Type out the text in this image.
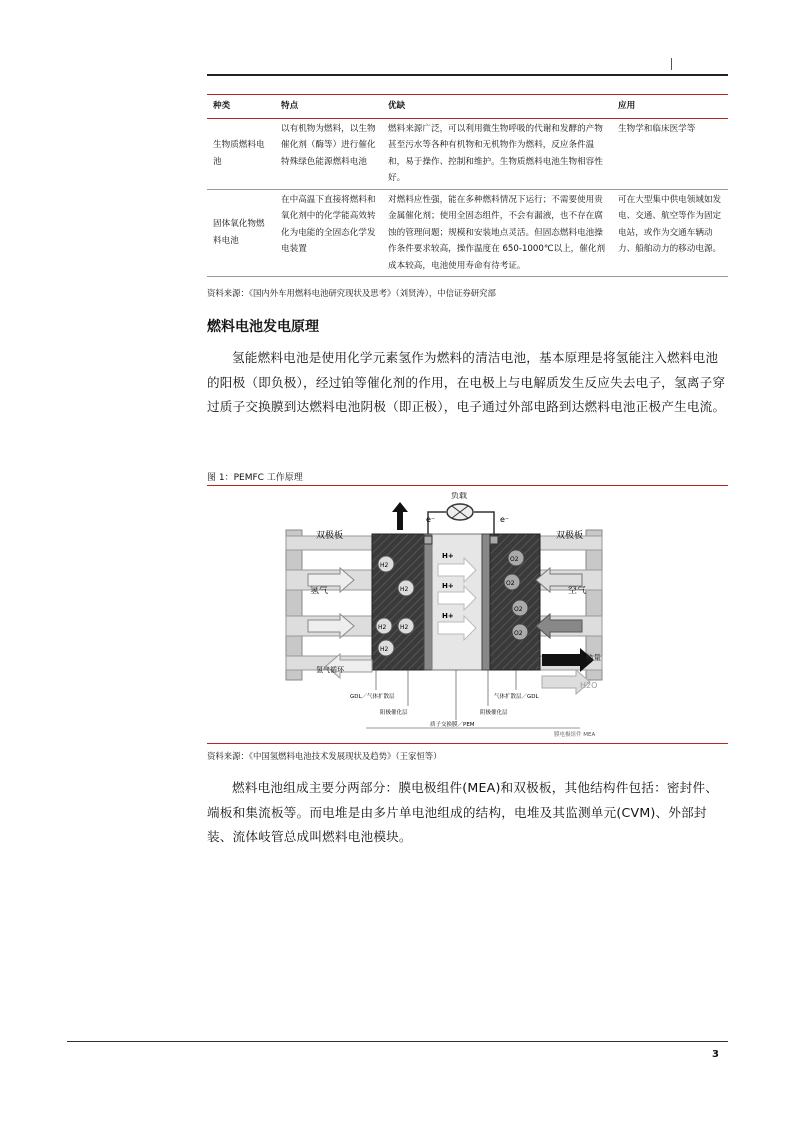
种类	特点	优缺	应用
生物质燃料电池	以有机物为燃料，以生物催化剂（酶等）进行催化特殊绿色能源燃料电池	燃料来源广泛，可以利用微生物呼吸的代谢和发酵的产物甚至污水等各种有机物和无机物作为燃料，反应条件温和，易于操作、控制和维护。生物质燃料电池生物相容性好。	生物学和临床医学等
固体氧化物燃料电池	在中高温下直接将燃料和氧化剂中的化学能高效转化为电能的全固态化学发电装置	对燃料应性强，能在多种燃料情况下运行；不需要使用贵金属催化剂；使用全固态组件，不会有漏液，也不存在腐蚀的管理问题；规模和安装地点灵活。但固态燃料电池操作条件要求较高，操作温度在 650-1000℃以上，催化剂成本较高，电池使用寿命有待考证。	可在大型集中供电领域如发电、交通、航空等作为固定电站，或作为交通车辆动力、船舶动力的移动电源。
资料来源：《国内外车用燃料电池研究现状及思考》（刘贤涛），中信证券研究部
燃料电池发电原理

氢能燃料电池是使用化学元素氢作为燃料的清洁电池，基本原理是将氢能注入燃料电池的阳极（即负极），经过铂等催化剂的作用，在电极上与电解质发生反应失去电子，氢离子穿过质子交换膜到达燃料电池阴极（即正极），电子通过外部电路到达燃料电池正极产生电流。

图 1：PEMFC 工作原理
负载
e⁻	e⁻
双极板	双极板
氢气	空气
热量
H2O
氢气循环
H2
H2
H2
H2
H2
O2
O2
O2
O2
H+
H+
H+
GDL／气体扩散层
阳极催化层	阴极催化层
气体扩散层／GDL
质子交换膜／PEM
膜电极组件 MEA
资料来源：《中国氢燃料电池技术发展现状及趋势》（王家恒等）

燃料电池组成主要分两部分：膜电极组件(MEA)和双极板，其他结构件包括：密封件、端板和集流板等。而电堆是由多片单电池组成的结构，电堆及其监测单元(CVM)、外部封装、流体岐管总成叫燃料电池模块。

3
